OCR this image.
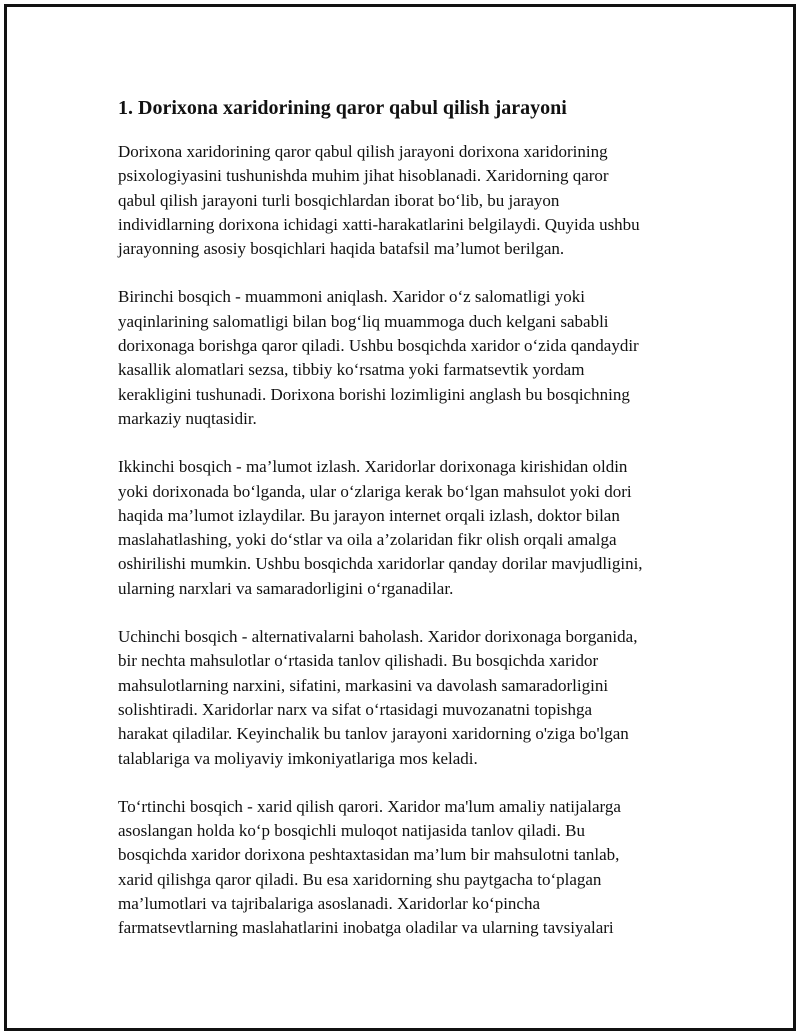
1. Dorixona xaridorining qaror qabul qilish jarayoni

Dorixona xaridorining qaror qabul qilish jarayoni dorixona xaridorining
psixologiyasini tushunishda muhim jihat hisoblanadi. Xaridorning qaror
qabul qilish jarayoni turli bosqichlardan iborat bo‘lib, bu jarayon
individlarning dorixona ichidagi xatti-harakatlarini belgilaydi. Quyida ushbu
jarayonning asosiy bosqichlari haqida batafsil ma’lumot berilgan.

Birinchi bosqich - muammoni aniqlash. Xaridor o‘z salomatligi yoki
yaqinlarining salomatligi bilan bog‘liq muammoga duch kelgani sababli
dorixonaga borishga qaror qiladi. Ushbu bosqichda xaridor o‘zida qandaydir
kasallik alomatlari sezsa, tibbiy ko‘rsatma yoki farmatsevtik yordam
kerakligini tushunadi. Dorixona borishi lozimligini anglash bu bosqichning
markaziy nuqtasidir.

Ikkinchi bosqich - ma’lumot izlash. Xaridorlar dorixonaga kirishidan oldin
yoki dorixonada bo‘lganda, ular o‘zlariga kerak bo‘lgan mahsulot yoki dori
haqida ma’lumot izlaydilar. Bu jarayon internet orqali izlash, doktor bilan
maslahatlashing, yoki do‘stlar va oila a’zolaridan fikr olish orqali amalga
oshirilishi mumkin. Ushbu bosqichda xaridorlar qanday dorilar mavjudligini,
ularning narxlari va samaradorligini o‘rganadilar.

Uchinchi bosqich - alternativalarni baholash. Xaridor dorixonaga borganida,
bir nechta mahsulotlar o‘rtasida tanlov qilishadi. Bu bosqichda xaridor
mahsulotlarning narxini, sifatini, markasini va davolash samaradorligini
solishtiradi. Xaridorlar narx va sifat o‘rtasidagi muvozanatni topishga
harakat qiladilar. Keyinchalik bu tanlov jarayoni xaridorning o'ziga bo'lgan
talablariga va moliyaviy imkoniyatlariga mos keladi.

To‘rtinchi bosqich - xarid qilish qarori. Xaridor ma'lum amaliy natijalarga
asoslangan holda ko‘p bosqichli muloqot natijasida tanlov qiladi. Bu
bosqichda xaridor dorixona peshtaxtasidan ma’lum bir mahsulotni tanlab,
xarid qilishga qaror qiladi. Bu esa xaridorning shu paytgacha to‘plagan
ma’lumotlari va tajribalariga asoslanadi. Xaridorlar ko‘pincha
farmatsevtlarning maslahatlarini inobatga oladilar va ularning tavsiyalari
